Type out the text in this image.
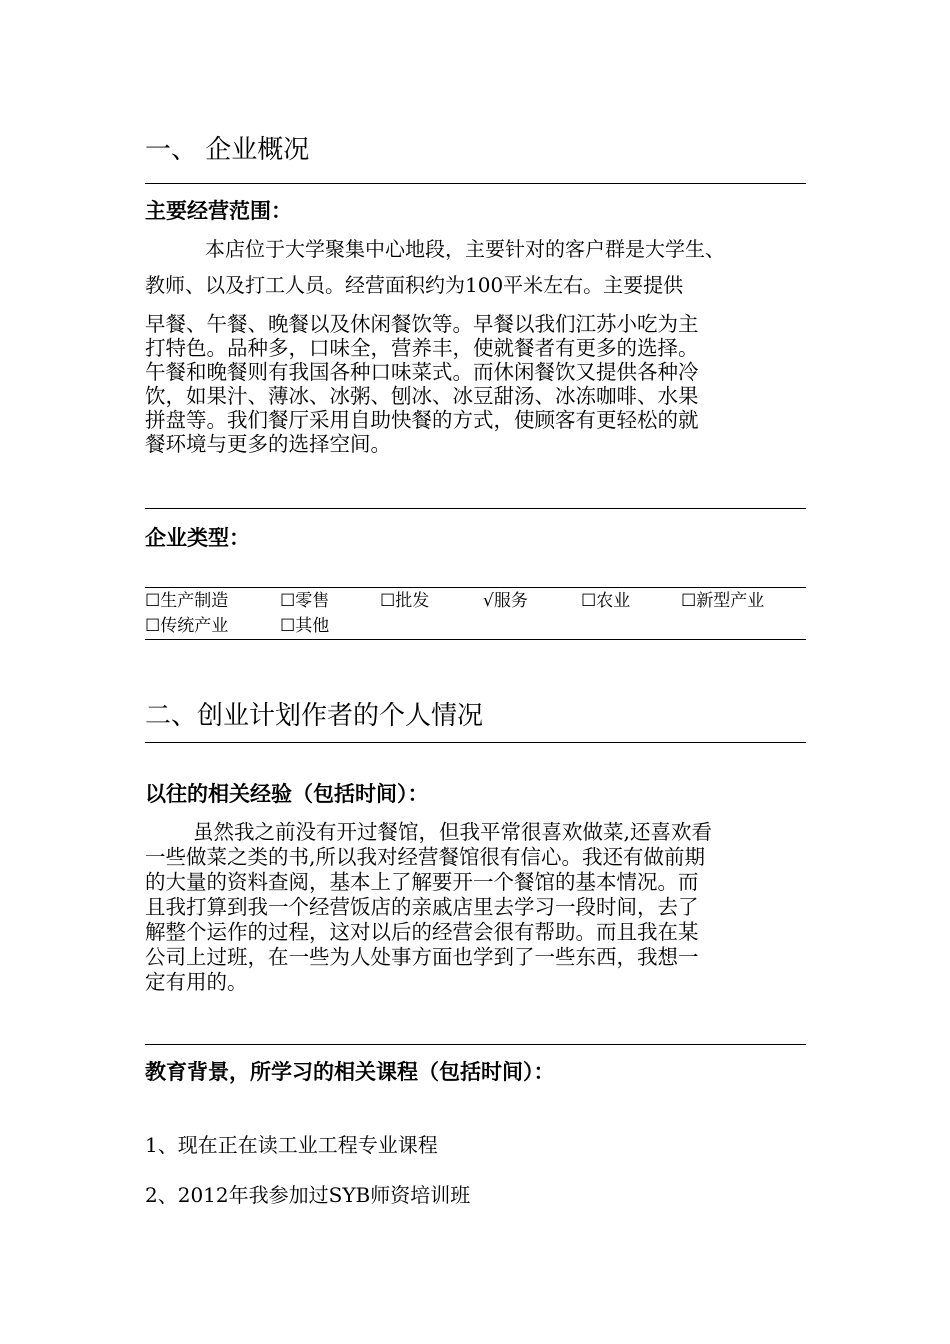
一、 企业概况
主要经营范围：
本店位于大学聚集中心地段，主要针对的客户群是大学生、
教师、以及打工人员。经营面积约为100平米左右。主要提供
早餐、午餐、晚餐以及休闲餐饮等。早餐以我们江苏小吃为主
打特色。品种多，口味全，营养丰，使就餐者有更多的选择。
午餐和晚餐则有我国各种口味菜式。而休闲餐饮又提供各种冷
饮，如果汁、薄冰、冰粥、刨冰、冰豆甜汤、冰冻咖啡、水果
拼盘等。我们餐厅采用自助快餐的方式，使顾客有更轻松的就
餐环境与更多的选择空间。
企业类型：
☐生产制造	☐零售	☐批发	√服务	☐农业	☐新型产业
☐传统产业	☐其他
二、创业计划作者的个人情况
以往的相关经验（包括时间）：
虽然我之前没有开过餐馆，但我平常很喜欢做菜,还喜欢看
一些做菜之类的书,所以我对经营餐馆很有信心。我还有做前期
的大量的资料查阅，基本上了解要开一个餐馆的基本情况。而
且我打算到我一个经营饭店的亲戚店里去学习一段时间，去了
解整个运作的过程，这对以后的经营会很有帮助。而且我在某
公司上过班，在一些为人处事方面也学到了一些东西，我想一
定有用的。
教育背景，所学习的相关课程（包括时间）：
1、现在正在读工业工程专业课程
2、2012年我参加过SYB师资培训班
